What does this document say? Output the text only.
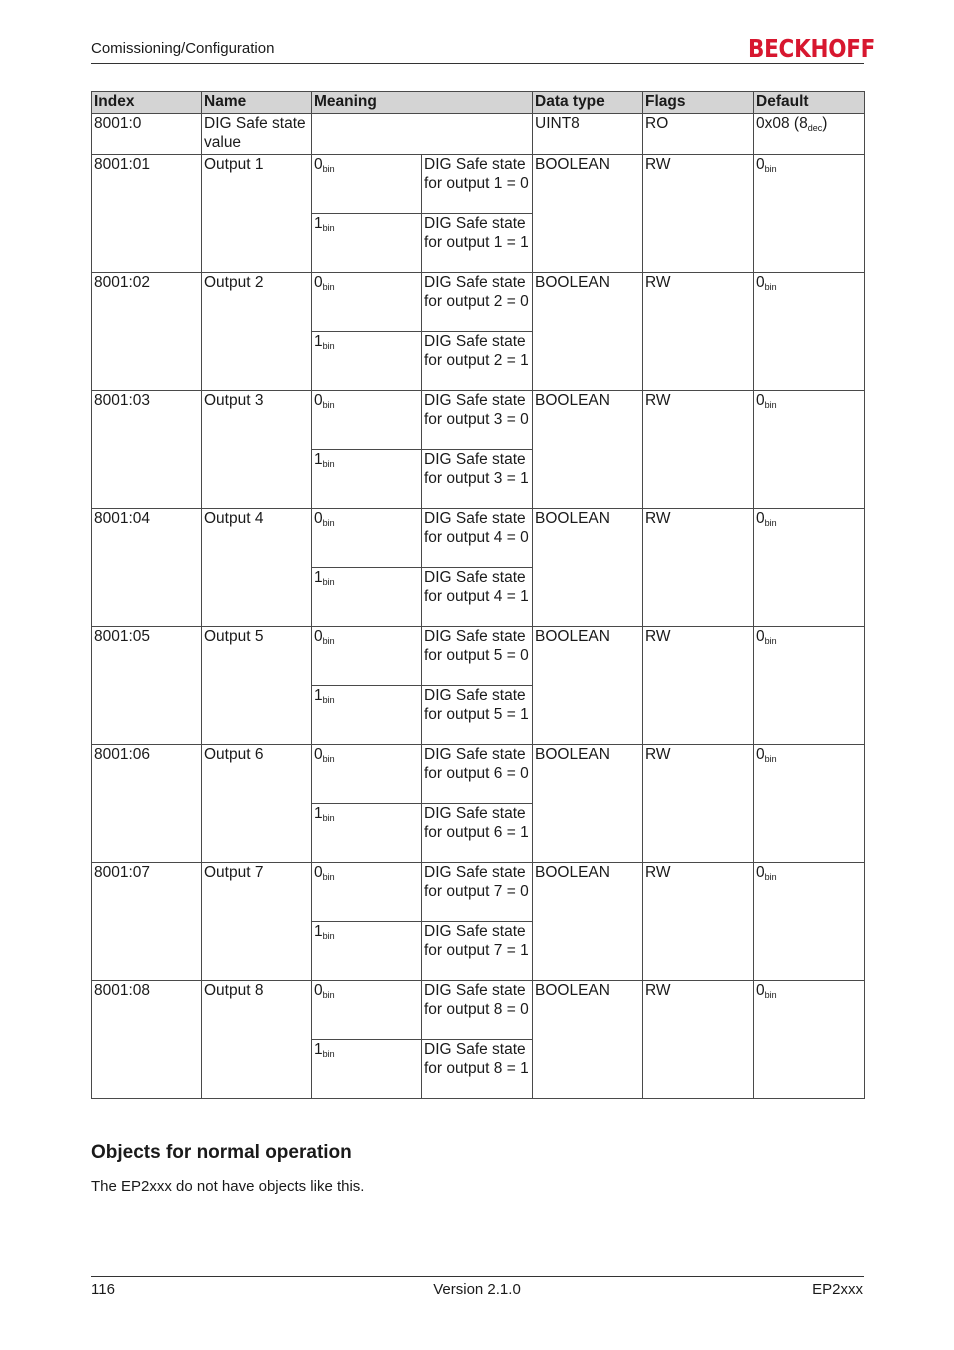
Comissioning/Configuration	BECKHOFF
Index	Name	Meaning		Data type	Flags	Default
8001:0	DIG Safe state value			UINT8	RO	0x08 $(8_{dec})$
8001:01	Output 1	$0_{bin}$	DIG Safe state for output 1 = 0	BOOLEAN	RW	$0_{bin}$
		$1_{bin}$	DIG Safe state for output 1 = 1			
8001:02	Output 2	$0_{bin}$	DIG Safe state for output 2 = 0	BOOLEAN	RW	$0_{bin}$
		$1_{bin}$	DIG Safe state for output 2 = 1			
8001:03	Output 3	$0_{bin}$	DIG Safe state for output 3 = 0	BOOLEAN	RW	$0_{bin}$
		$1_{bin}$	DIG Safe state for output 3 = 1			
8001:04	Output 4	$0_{bin}$	DIG Safe state for output 4 = 0	BOOLEAN	RW	$0_{bin}$
		$1_{bin}$	DIG Safe state for output 4 = 1			
8001:05	Output 5	$0_{bin}$	DIG Safe state for output 5 = 0	BOOLEAN	RW	$0_{bin}$
		$1_{bin}$	DIG Safe state for output 5 = 1			
8001:06	Output 6	$0_{bin}$	DIG Safe state for output 6 = 0	BOOLEAN	RW	$0_{bin}$
		$1_{bin}$	DIG Safe state for output 6 = 1			
8001:07	Output 7	$0_{bin}$	DIG Safe state for output 7 = 0	BOOLEAN	RW	$0_{bin}$
		$1_{bin}$	DIG Safe state for output 7 = 1			
8001:08	Output 8	$0_{bin}$	DIG Safe state for output 8 = 0	BOOLEAN	RW	$0_{bin}$
		$1_{bin}$	DIG Safe state for output 8 = 1			
Objects for normal operation

The EP2xxx do not have objects like this.

116	Version 2.1.0	EP2xxx
